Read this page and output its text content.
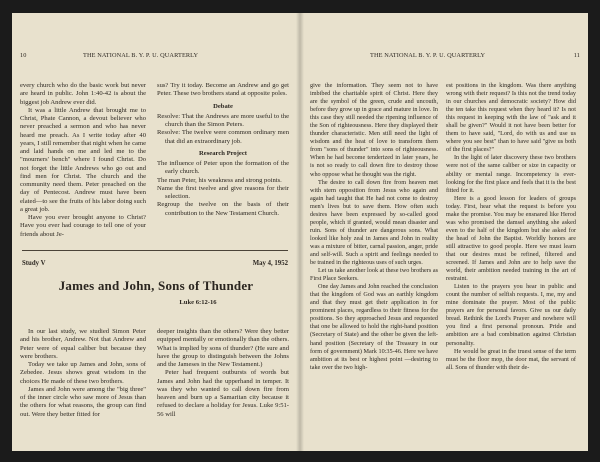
10	THE NATIONAL B. Y. P. U. QUARTERLY

every church who do the basic work but never are heard in public. John 1:40-42 is about the biggest job Andrew ever did.

It was a little Andrew that brought me to Christ, Phate Cannon, a devout believer who never preached a sermon and who has never heard me preach. As I write today after 40 years, I still remember that night when he came and laid hands on me and led me to the "mourners' bench" where I found Christ. Do not forget the little Andrews who go out and find men for Christ. The church and the community need them. Peter preached on the day of Pentecost. Andrew must have been elated—to see the fruits of his labor doing such a great job.

Have you ever brought anyone to Christ? Have you ever had courage to tell one of your friends about Je-

sus? Try it today. Become an Andrew and go get Peter. These two brothers stand at opposite poles.

Debate

Resolve: That the Andrews are more useful to the church than the Simon Peters.

Resolve: The twelve were common ordinary men that did an extraordinary job.

Research Project

The influence of Peter upon the formation of the early church.

The man Peter, his weakness and strong points.

Name the first twelve and give reasons for their selection.

Regroup the twelve on the basis of their contribution to the New Testament Church.

Study V	May 4, 1952
James and John, Sons of Thunder
Luke 6:12-16

In our last study, we studied Simon Peter and his brother, Andrew. Not that Andrew and Peter were of equal caliber but because they were brothers.

Today we take up James and John, sons of Zebedee. Jesus shows great wisdom in the choices He made of these two brothers.

James and John were among the "big three" of the inner circle who saw more of Jesus than the others for what reasons, the group can find out. Were they better fitted for

deeper insights than the others? Were they better equipped mentally or emotionally than the others. What is implied by sons of thunder? (He sure and have the group to distinguish between the Johns and the Jameses in the New Testament.)

Peter had frequent outbursts of words but James and John had the upperhand in temper. It was they who wanted to call down fire from heaven and burn up a Samaritan city because it refused to declare a holiday for Jesus. Luke 9:51-56 will

THE NATIONAL B. Y. P. U. QUARTERLY	11

give the information. They seem not to have imbibed the charitable spirit of Christ. Here they are the symbol of the green, crude and uncouth, before they grow up in grace and mature in love. In this case they still needed the ripening influence of the Son of righteousness. Here they displayed their thunder characteristic. Men still need the light of wisdom and the heat of love to transform them from "sons of thunder" into sons of righteousness. When he had become tenderized in later years, he is not so ready to call down fire to destroy those who oppose what he thought was the right.

The desire to call down fire from heaven met with stern opposition from Jesus who again and again had taught that He had not come to destroy men's lives but to save them. How often such desires have been expressed by so-called good people, which if granted, would mean disaster and ruin. Sons of thunder are dangerous sons. What looked like holy zeal in James and John in reality was a mixture of bitter, carnal passion, anger, pride and self-will. Such a spirit and feelings needed to be trained in the righteous uses of such urges.

Let us take another look at these two brothers as First Place Seekers.

One day James and John reached the conclusion that the kingdom of God was an earthly kingdom and that they must get their application in for prominent places, regardless to their fitness for the positions. So they approached Jesus and requested that one be allowed to hold the right-hand position (Secretary of State) and the other be given the left-hand position (Secretary of the Treasury in our form of government) Mark 10:35-46. Here we have ambition at its best or highest point —desiring to take over the two high-

est positions in the kingdom. Was there anything wrong with their request? Is this not the trend today in our churches and democratic society? How did the ten take this request when they heard it? Is not this request in keeping with the law of "ask and it shall be given?" Would it not have been better for them to have said, "Lord, do with us and use us where you see best" than to have said "give us both of the first places?"

In the light of later discovery these two brothers were not of the same caliber or size in capacity or ability or mental range. Incompetency is ever-looking for the first place and feels that it is the best fitted for it.

Here is a good lesson for leaders of groups today. First, hear what the request is before you make the promise. You may be ensnared like Herod was who promised the damsel anything she asked even to the half of the kingdom but she asked for the head of John the Baptist. Worldly honors are still attractive to good people. Here we must learn that our desires must be refined, filtered and screened. If James and John are to help save the world, their ambition needed training in the art of restraint.

Listen to the prayers you hear in public and count the number of selfish requests. I, me, my and mine dominate the prayer. Most of the public prayers are for personal favors. Give us our daily bread. Rethink the Lord's Prayer and nowhere will you find a first personal pronoun. Pride and ambition are a bad combination against Christian personality.

He would be great in the truest sense of the term must be the floor mop, the door mat, the servant of all. Sons of thunder with their de-
